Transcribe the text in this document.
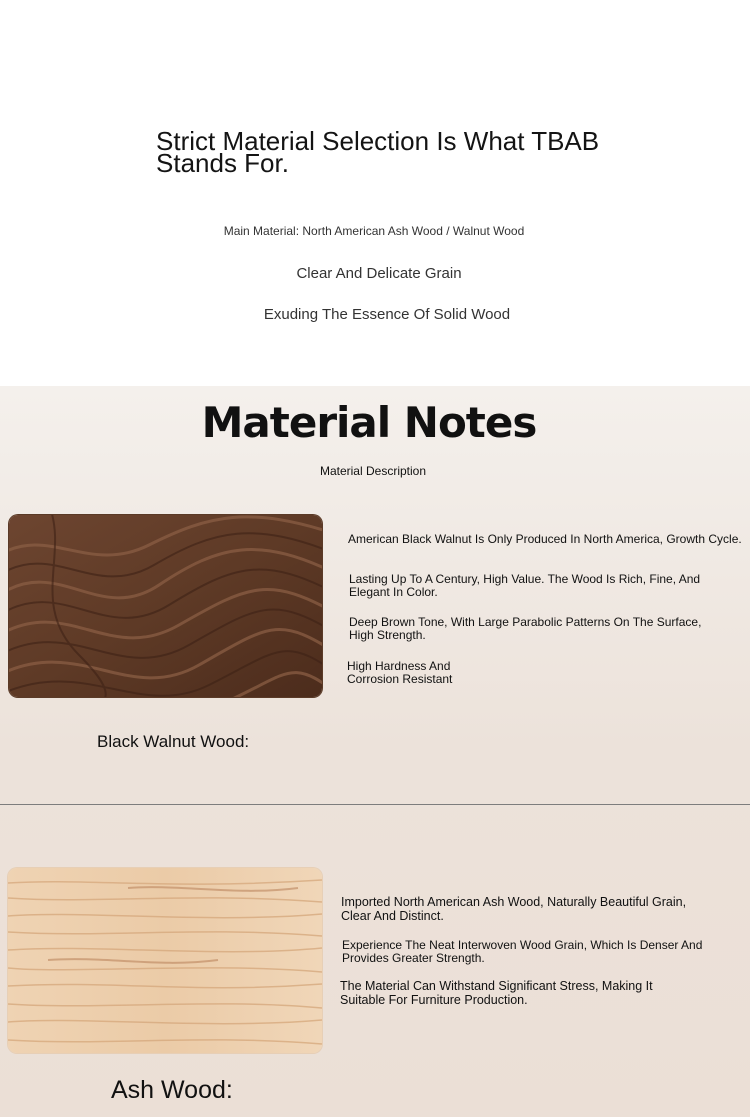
Strict Material Selection Is What TBAB Stands For.
Main Material: North American Ash Wood / Walnut Wood
Clear And Delicate Grain
Exuding The Essence Of Solid Wood
Material Notes
Material Description

American Black Walnut Is Only Produced In North America, Growth Cycle.

Lasting Up To A Century, High Value. The Wood Is Rich, Fine, And Elegant In Color.

Deep Brown Tone, With Large Parabolic Patterns On The Surface, High Strength.

High Hardness And Corrosion Resistant

Black Walnut Wood:

Imported North American Ash Wood, Naturally Beautiful Grain, Clear And Distinct.

Experience The Neat Interwoven Wood Grain, Which Is Denser And Provides Greater Strength.

The Material Can Withstand Significant Stress, Making It Suitable For Furniture Production.

Ash Wood:
